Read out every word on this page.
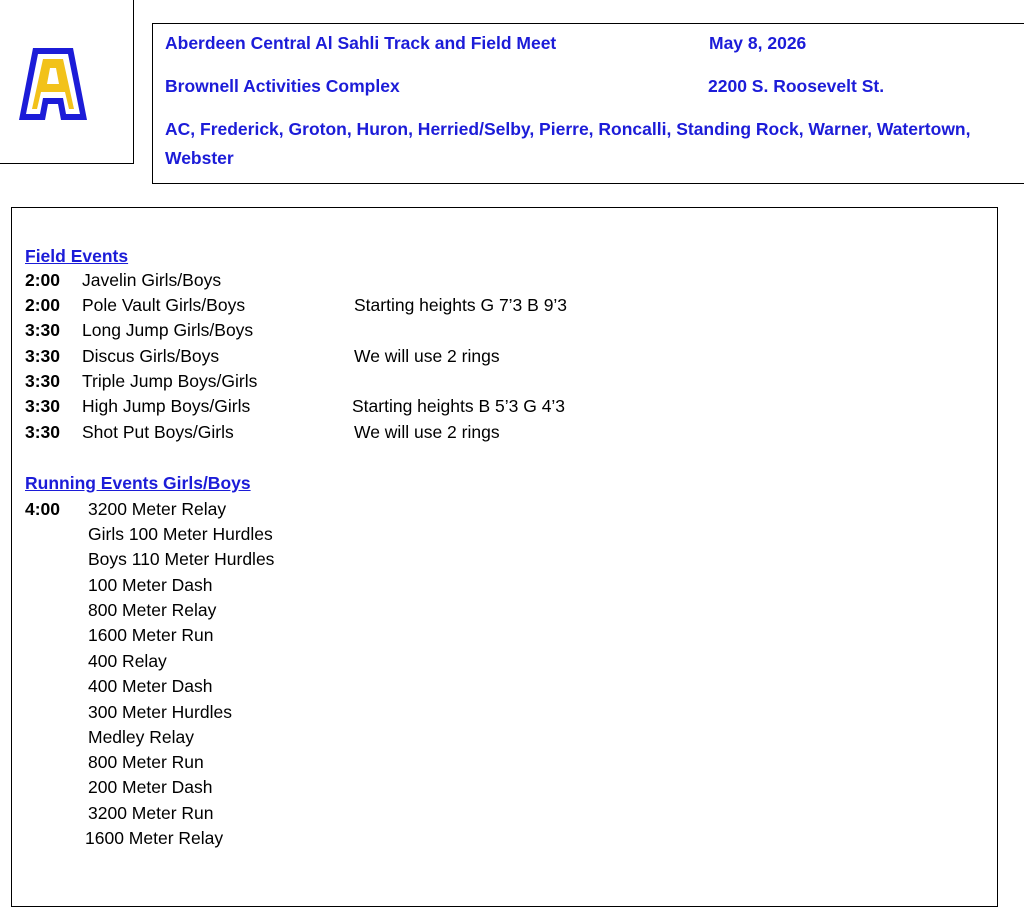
Aberdeen Central Al Sahli Track and Field Meet	May 8, 2026
Brownell Activities Complex	2200 S. Roosevelt St.
AC, Frederick, Groton, Huron, Herried/Selby, Pierre, Roncalli, Standing Rock, Warner, Watertown, Webster
Field Events
2:00 Javelin Girls/Boys
2:00 Pole Vault Girls/Boys	Starting heights G 7’3 B 9’3
3:30 Long Jump Girls/Boys
3:30 Discus Girls/Boys	We will use 2 rings
3:30 Triple Jump Boys/Girls
3:30 High Jump Boys/Girls	Starting heights B 5’3 G 4’3
3:30 Shot Put Boys/Girls	We will use 2 rings
Running Events Girls/Boys
4:00 3200 Meter Relay
Girls 100 Meter Hurdles
Boys 110 Meter Hurdles
100 Meter Dash
800 Meter Relay
1600 Meter Run
400 Relay
400 Meter Dash
300 Meter Hurdles
Medley Relay
800 Meter Run
200 Meter Dash
3200 Meter Run
1600 Meter Relay
